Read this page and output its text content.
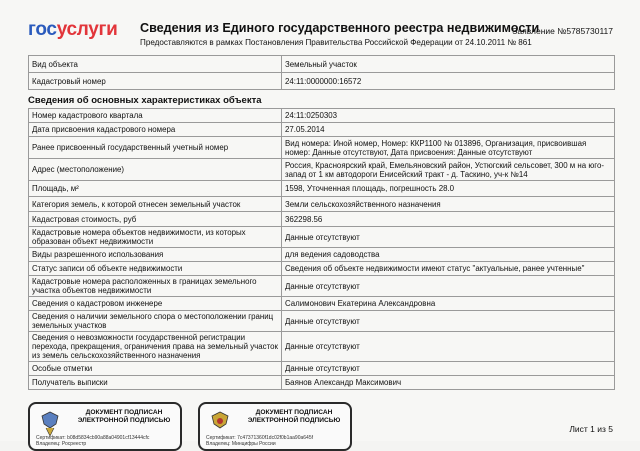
госуслуги Сведения из Единого государственного реестра недвижимости
Предоставляются в рамках Постановления Правительства Российской Федерации от 24.10.2011 № 861
Заявление №5785730117
Вид объекта	Земельный участок
Кадастровый номер	24:11:0000000:16572
Сведения об основных характеристиках объекта
Номер кадастрового квартала	24:11:0250303
Дата присвоения кадастрового номера	27.05.2014
Ранее присвоенный государственный учетный номер	Вид номера: Иной номер, Номер: ККР1100 № 013896, Организация, присвоившая номер: Данные отсутствуют, Дата присвоения: Данные отсутствуют
Адрес (местоположение)	Россия, Красноярский край, Емельяновский район, Устюгский сельсовет, 300 м на юго-запад от 1 км автодороги Енисейский тракт - д. Таскино, уч-к №14
Площадь, м²	1598, Уточненная площадь, погрешность 28.0
Категория земель, к которой отнесен земельный участок	Земли сельскохозяйственного назначения
Кадастровая стоимость, руб	362298.56
Кадастровые номера объектов недвижимости, из которых образован объект недвижимости	Данные отсутствуют
Виды разрешенного использования	для ведения садоводства
Статус записи об объекте недвижимости	Сведения об объекте недвижимости имеют статус "актуальные, ранее учтенные"
Кадастровые номера расположенных в границах земельного участка объектов недвижимости	Данные отсутствуют
Сведения о кадастровом инженере	Салимонович Екатерина Александровна
Сведения о наличии земельного спора о местоположении границ земельных участков	Данные отсутствуют
Сведения о невозможности государственной регистрации перехода, прекращения, ограничения права на земельный участок из земель сельскохозяйственного назначения	Данные отсутствуют
Особые отметки	Данные отсутствуют
Получатель выписки	Баянов Александр Максимович
ДОКУМЕНТ ПОДПИСАН ЭЛЕКТРОННОЙ ПОДПИСЬЮ
Сертификат: b08d5834cb90a88a04901cf13444cfc
Владелец: Росреестр
ДОКУМЕНТ ПОДПИСАН ЭЛЕКТРОННОЙ ПОДПИСЬЮ
Сертификат: 7c47371360f1dc02f0b1aa90a645f
Владелец: Минцифры России
Лист 1 из 5
